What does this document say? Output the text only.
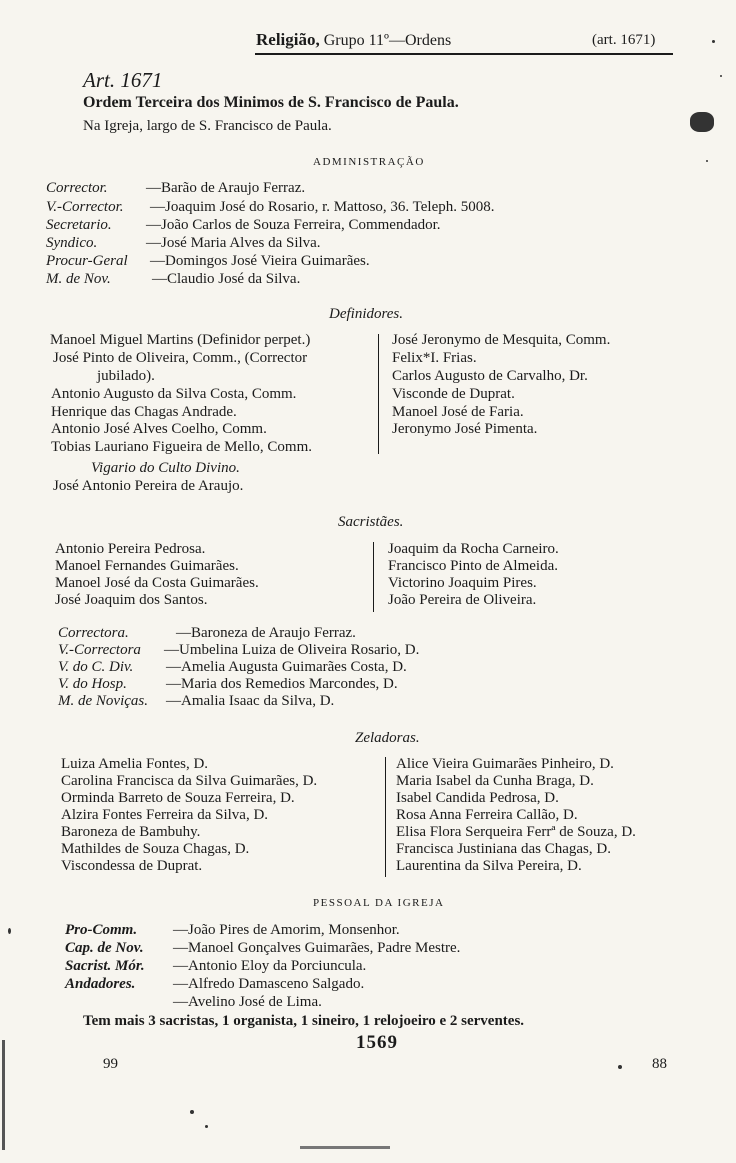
Religião, Grupo 11º—Ordens	(art. 1671)
Art. 1671
Ordem Terceira dos Minimos de S. Francisco de Paula.
Na Igreja, largo de S. Francisco de Paula.
ADMINISTRAÇÃO
Corrector.	—Barão de Araujo Ferraz.
V.-Corrector. —Joaquim José do Rosario, r. Mattoso, 36. Teleph. 5008.
Secretario. —João Carlos de Souza Ferreira, Commendador.
Syndico.	—José Maria Alves da Silva.
Procur-Geral —Domingos José Vieira Guimarães.
M. de Nov.	—Claudio José da Silva.
Definidores.
Manoel Miguel Martins (Definidor perpet.)
José Pinto de Oliveira, Comm., (Corrector
jubilado).
Antonio Augusto da Silva Costa, Comm.
Henrique das Chagas Andrade.
Antonio José Alves Coelho, Comm.
Tobias Lauriano Figueira de Mello, Comm.
José Jeronymo de Mesquita, Comm.
Felix*I. Frias.
Carlos Augusto de Carvalho, Dr.
Visconde de Duprat.
Manoel José de Faria.
Jeronymo José Pimenta.
Vigario do Culto Divino.
José Antonio Pereira de Araujo.
Sacristães.
Antonio Pereira Pedrosa.
Manoel Fernandes Guimarães.
Manoel José da Costa Guimarães.
José Joaquim dos Santos.
Joaquim da Rocha Carneiro.
Francisco Pinto de Almeida.
Victorino Joaquim Pires.
João Pereira de Oliveira.
Correctora.	—Baroneza de Araujo Ferraz.
V.-Correctora —Umbelina Luiza de Oliveira Rosario, D.
V. do C. Div. —Amelia Augusta Guimarães Costa, D.
V. do Hosp.	—Maria dos Remedios Marcondes, D.
M. de Noviças. —Amalia Isaac da Silva, D.
Zeladoras.
Luiza Amelia Fontes, D.
Carolina Francisca da Silva Guimarães, D.
Orminda Barreto de Souza Ferreira, D.
Alzira Fontes Ferreira da Silva, D.
Baroneza de Bambuhy.
Mathildes de Souza Chagas, D.
Viscondessa de Duprat.
Alice Vieira Guimarães Pinheiro, D.
Maria Isabel da Cunha Braga, D.
Isabel Candida Pedrosa, D.
Rosa Anna Ferreira Callão, D.
Elisa Flora Serqueira Ferrª de Souza, D.
Francisca Justiniana das Chagas, D.
Laurentina da Silva Pereira, D.
PESSOAL DA IGREJA
Pro-Comm. —João Pires de Amorim, Monsenhor.
Cap. de Nov. —Manoel Gonçalves Guimarães, Padre Mestre.
Sacrist. Mór. —Antonio Eloy da Porciuncula.
Andadores.	—Alfredo Damasceno Salgado.
—Avelino José de Lima.
Tem mais 3 sacristas, 1 organista, 1 sineiro, 1 relojoeiro e 2 serventes.
99
1569
88
